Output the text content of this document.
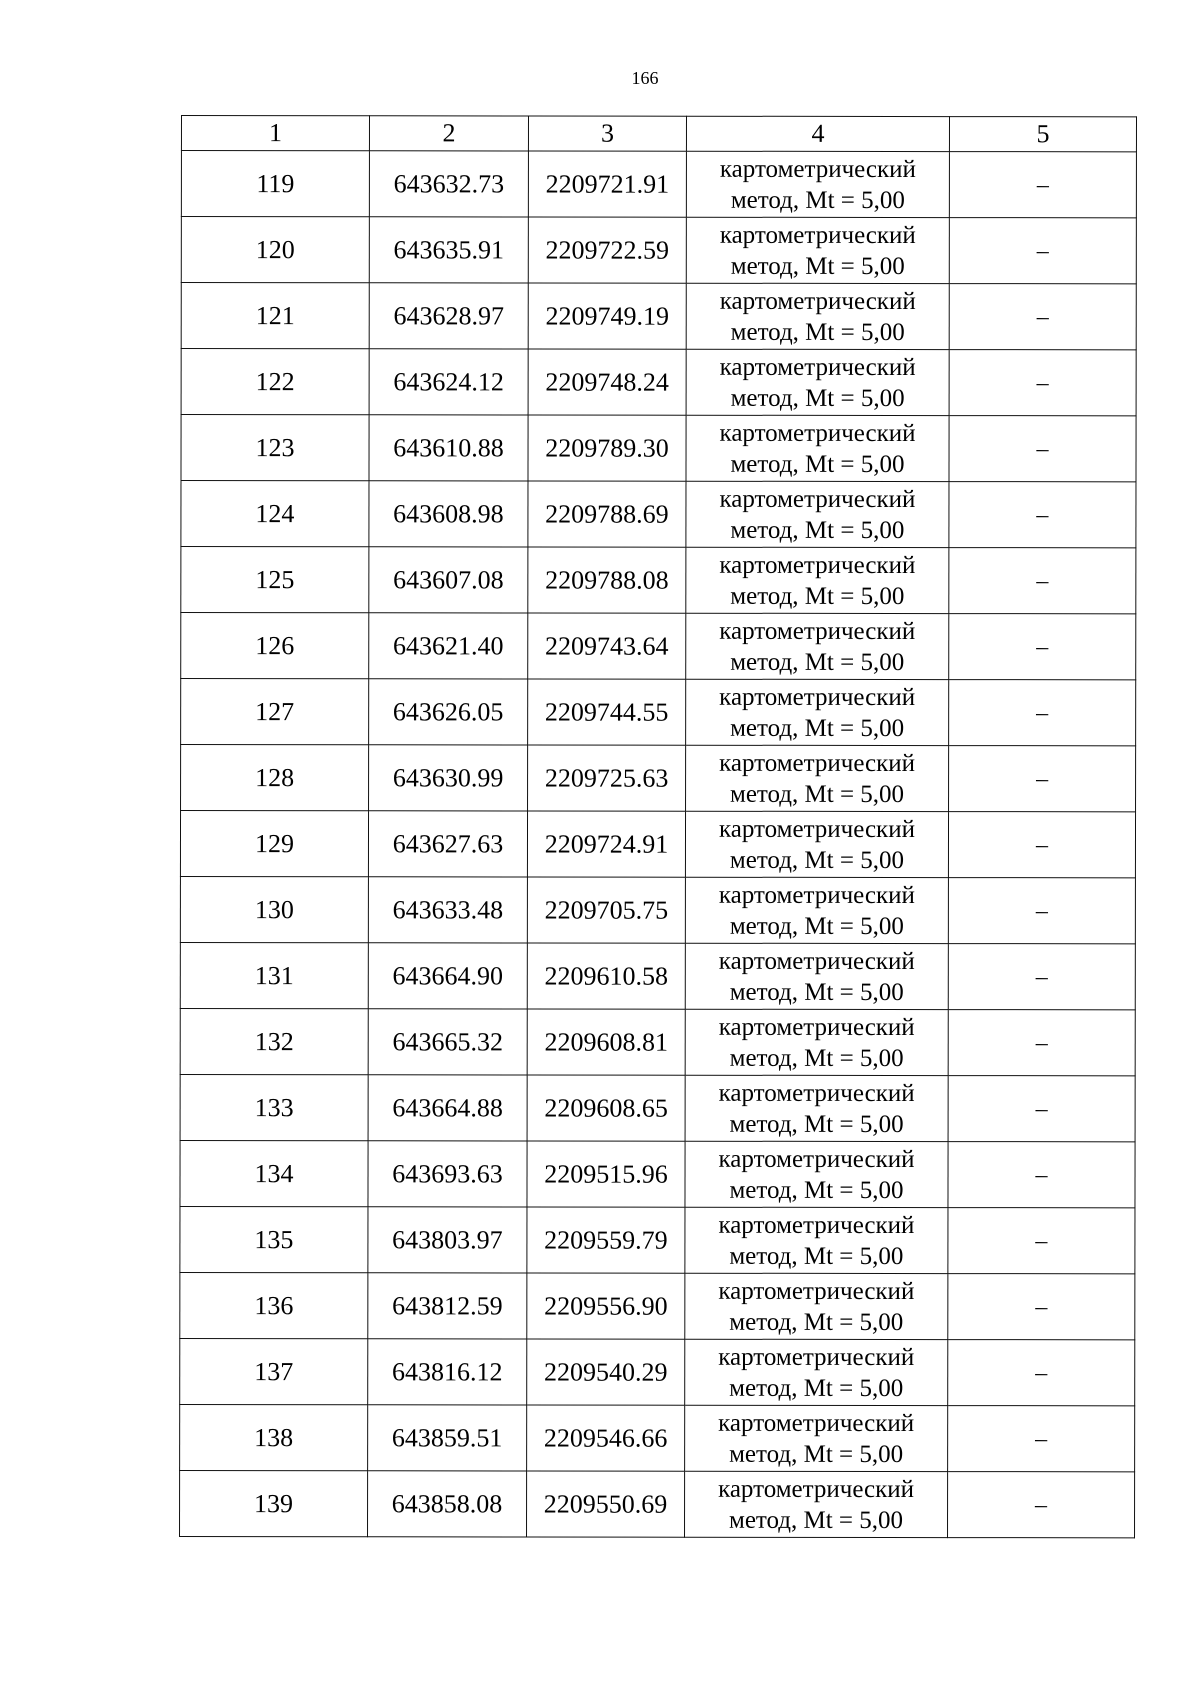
166
1	2	3	4	5
119	643632.73	2209721.91	картометрический
метод, Mt = 5,00	–
120	643635.91	2209722.59	картометрический
метод, Mt = 5,00	–
121	643628.97	2209749.19	картометрический
метод, Mt = 5,00	–
122	643624.12	2209748.24	картометрический
метод, Mt = 5,00	–
123	643610.88	2209789.30	картометрический
метод, Mt = 5,00	–
124	643608.98	2209788.69	картометрический
метод, Mt = 5,00	–
125	643607.08	2209788.08	картометрический
метод, Mt = 5,00	–
126	643621.40	2209743.64	картометрический
метод, Mt = 5,00	–
127	643626.05	2209744.55	картометрический
метод, Mt = 5,00	–
128	643630.99	2209725.63	картометрический
метод, Mt = 5,00	–
129	643627.63	2209724.91	картометрический
метод, Mt = 5,00	–
130	643633.48	2209705.75	картометрический
метод, Mt = 5,00	–
131	643664.90	2209610.58	картометрический
метод, Mt = 5,00	–
132	643665.32	2209608.81	картометрический
метод, Mt = 5,00	–
133	643664.88	2209608.65	картометрический
метод, Mt = 5,00	–
134	643693.63	2209515.96	картометрический
метод, Mt = 5,00	–
135	643803.97	2209559.79	картометрический
метод, Mt = 5,00	–
136	643812.59	2209556.90	картометрический
метод, Mt = 5,00	–
137	643816.12	2209540.29	картометрический
метод, Mt = 5,00	–
138	643859.51	2209546.66	картометрический
метод, Mt = 5,00	–
139	643858.08	2209550.69	картометрический
метод, Mt = 5,00	–
